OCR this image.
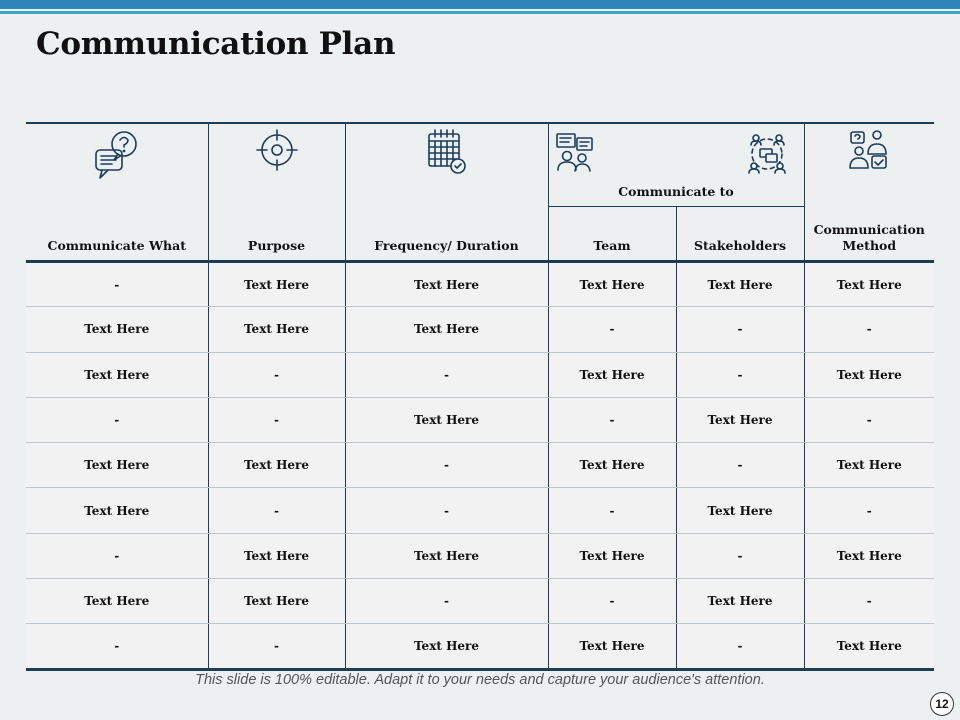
Communication Plan
Communicate What	Purpose	Frequency/ Duration	Communicate to		Communication Method

			Team	Stakeholders	

-	Text Here	Text Here	Text Here	Text Here	Text Here
Text Here	Text Here	Text Here	-	-	-
Text Here	-	-	Text Here	-	Text Here
-	-	Text Here	-	Text Here	-
Text Here	Text Here	-	Text Here	-	Text Here
Text Here	-	-	-	Text Here	-
-	Text Here	Text Here	Text Here	-	Text Here
Text Here	Text Here	-	-	Text Here	-
-	-	Text Here	Text Here	-	Text Here
This slide is 100% editable. Adapt it to your needs and capture your audience's attention.
12
